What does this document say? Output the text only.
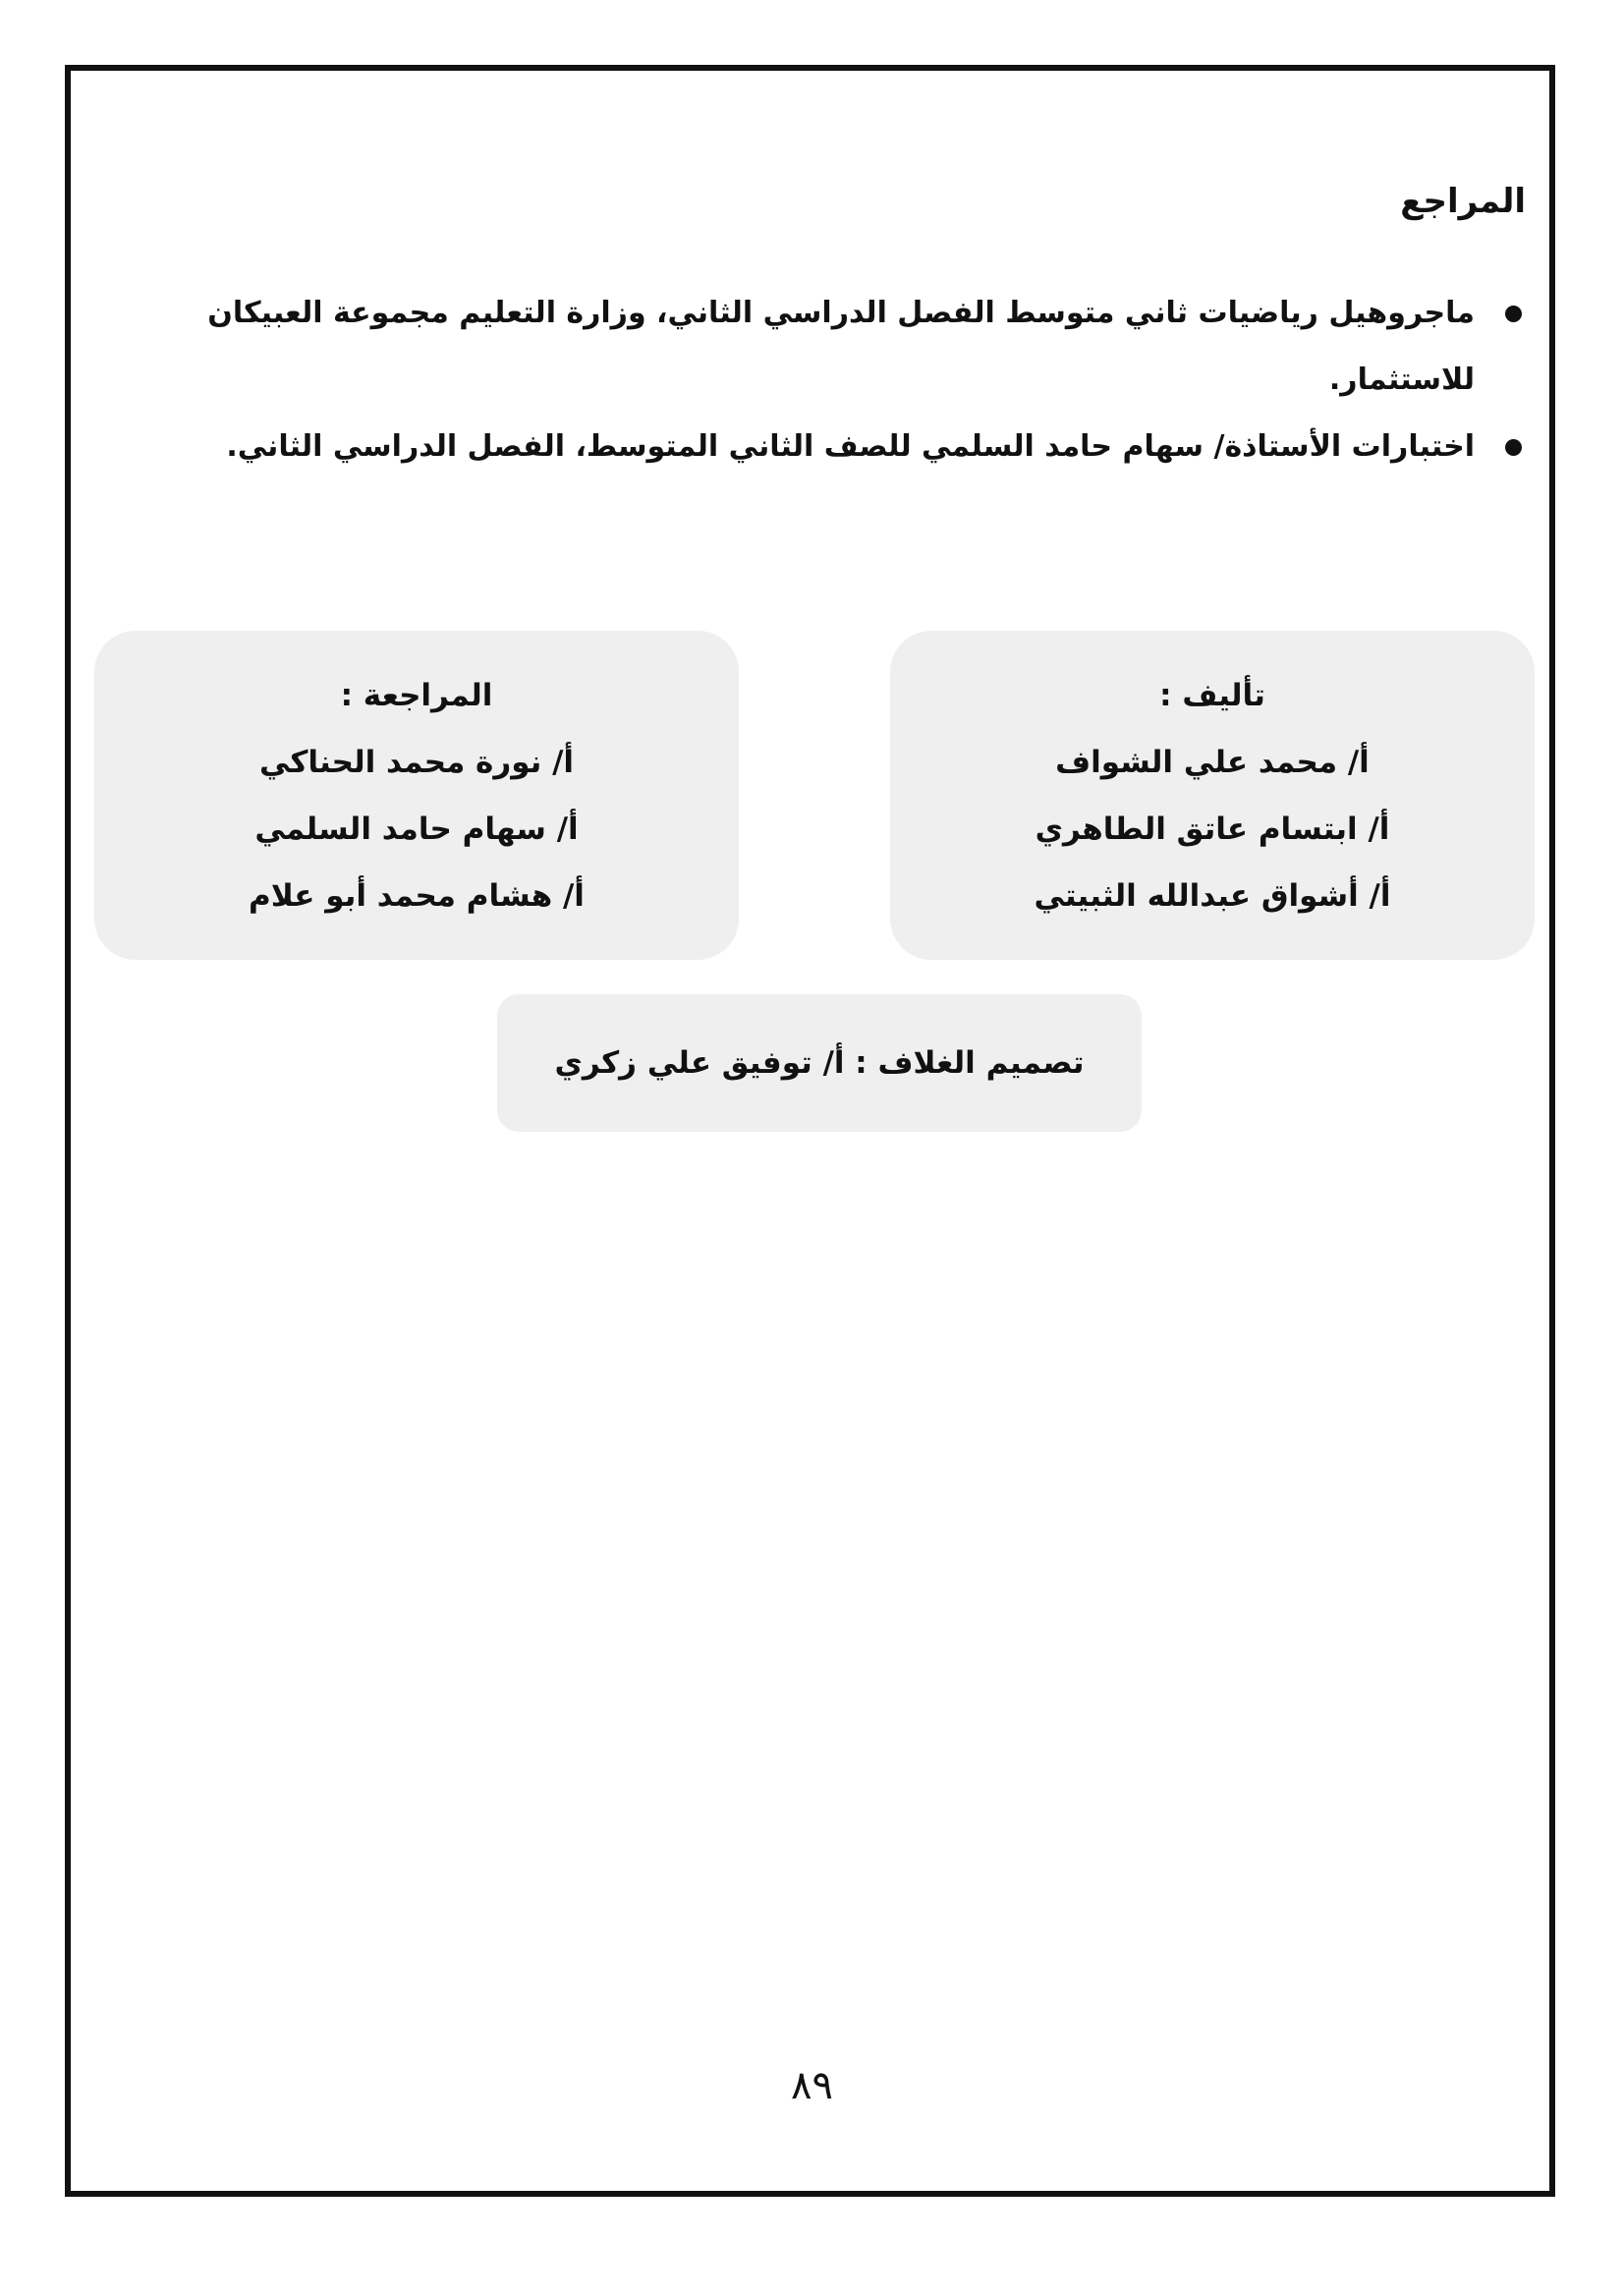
المراجع
ماجروهيل رياضيات ثاني متوسط الفصل الدراسي الثاني، وزارة التعليم مجموعة العبيكان للاستثمار.
اختبارات الأستاذة/ سهام حامد السلمي للصف الثاني المتوسط، الفصل الدراسي الثاني.
تأليف :
أ/ محمد علي الشواف
أ/ ابتسام عاتق الطاهري
أ/ أشواق عبدالله الثبيتي
المراجعة :
أ/ نورة محمد الحناكي
أ/ سهام حامد السلمي
أ/ هشام محمد أبو علام
تصميم الغلاف : أ/ توفيق علي زكري
٨٩
